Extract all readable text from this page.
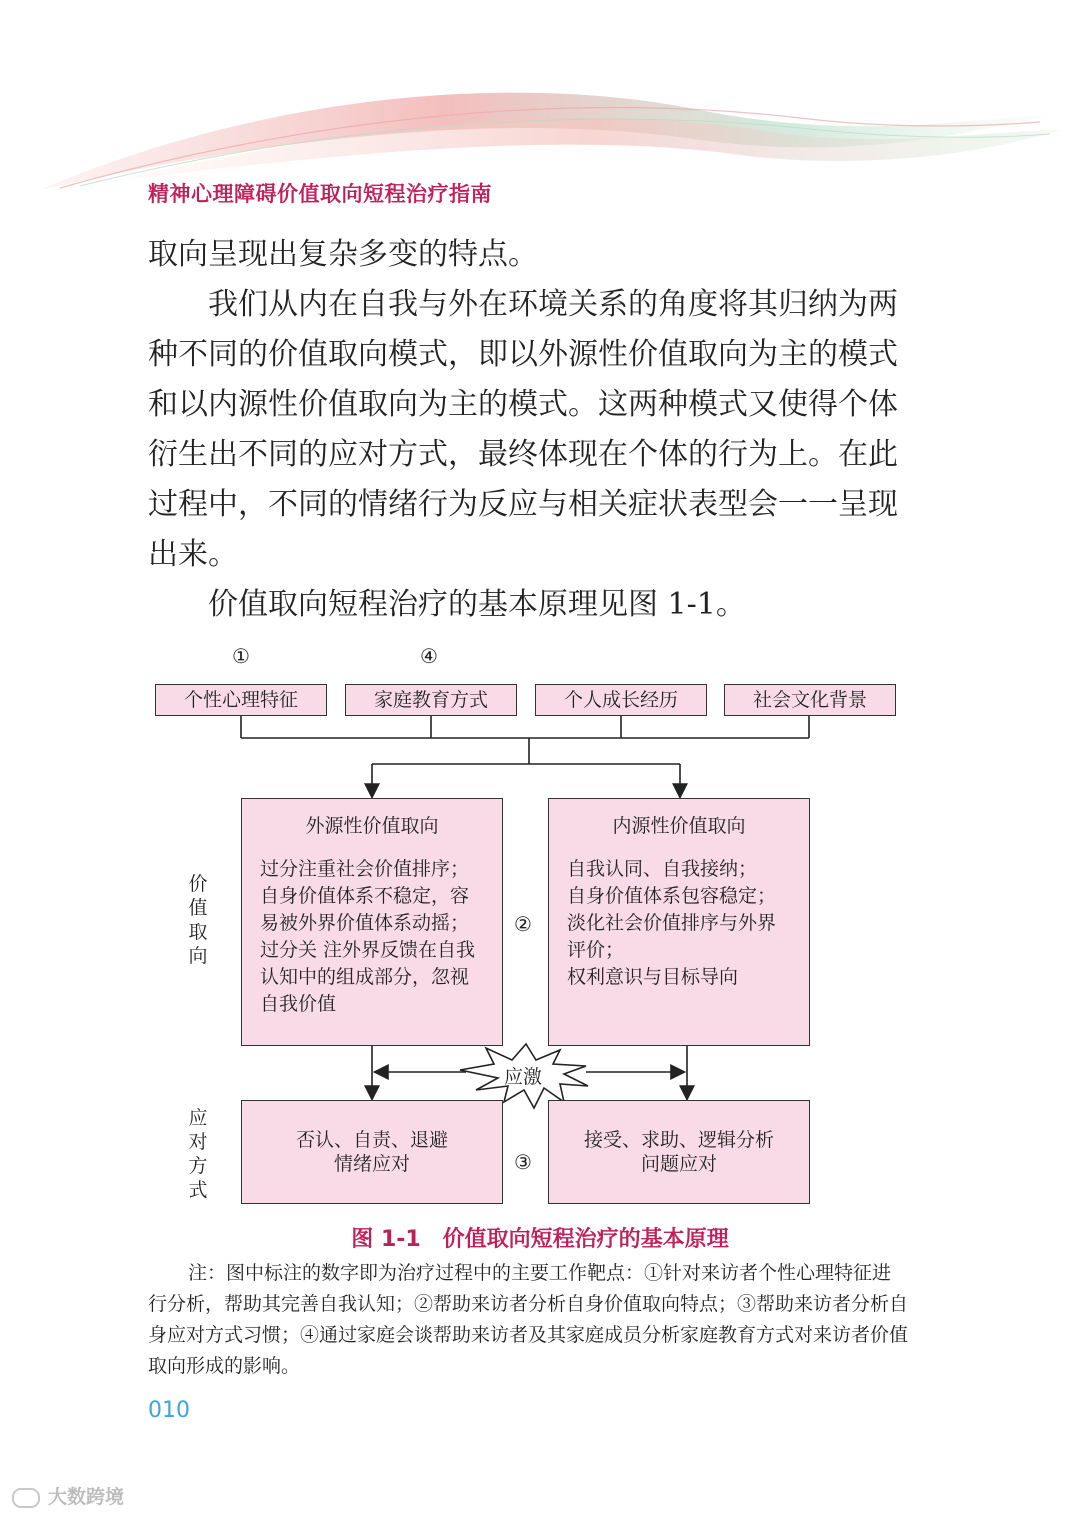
精神心理障碍价值取向短程治疗指南

取向呈现出复杂多变的特点。

我们从内在自我与外在环境关系的角度将其归纳为两种不同的价值取向模式，即以外源性价值取向为主的模式和以内源性价值取向为主的模式。这两种模式又使得个体衍生出不同的应对方式，最终体现在个体的行为上。在此过程中，不同的情绪行为反应与相关症状表型会一一呈现出来。

价值取向短程治疗的基本原理见图 1-1。

①	④
个性心理特征	家庭教育方式	个人成长经历	社会文化背景
价值取向
应对方式
外源性价值取向
过分注重社会价值排序；
自身价值体系不稳定，容
易被外界价值体系动摇；
过分关 注外界反馈在自我
认知中的组成部分，忽视
自我价值
内源性价值取向
自我认同、自我接纳；
自身价值体系包容稳定；
淡化社会价值排序与外界
评价；
权利意识与目标导向
②
应激
否认、自责、退避
情绪应对
接受、求助、逻辑分析
问题应对
③
图 1-1　价值取向短程治疗的基本原理
注：图中标注的数字即为治疗过程中的主要工作靶点：①针对来访者个性心理特征进行分析，帮助其完善自我认知；②帮助来访者分析自身价值取向特点；③帮助来访者分析自身应对方式习惯；④通过家庭会谈帮助来访者及其家庭成员分析家庭教育方式对来访者价值取向形成的影响。
010
大数跨境
